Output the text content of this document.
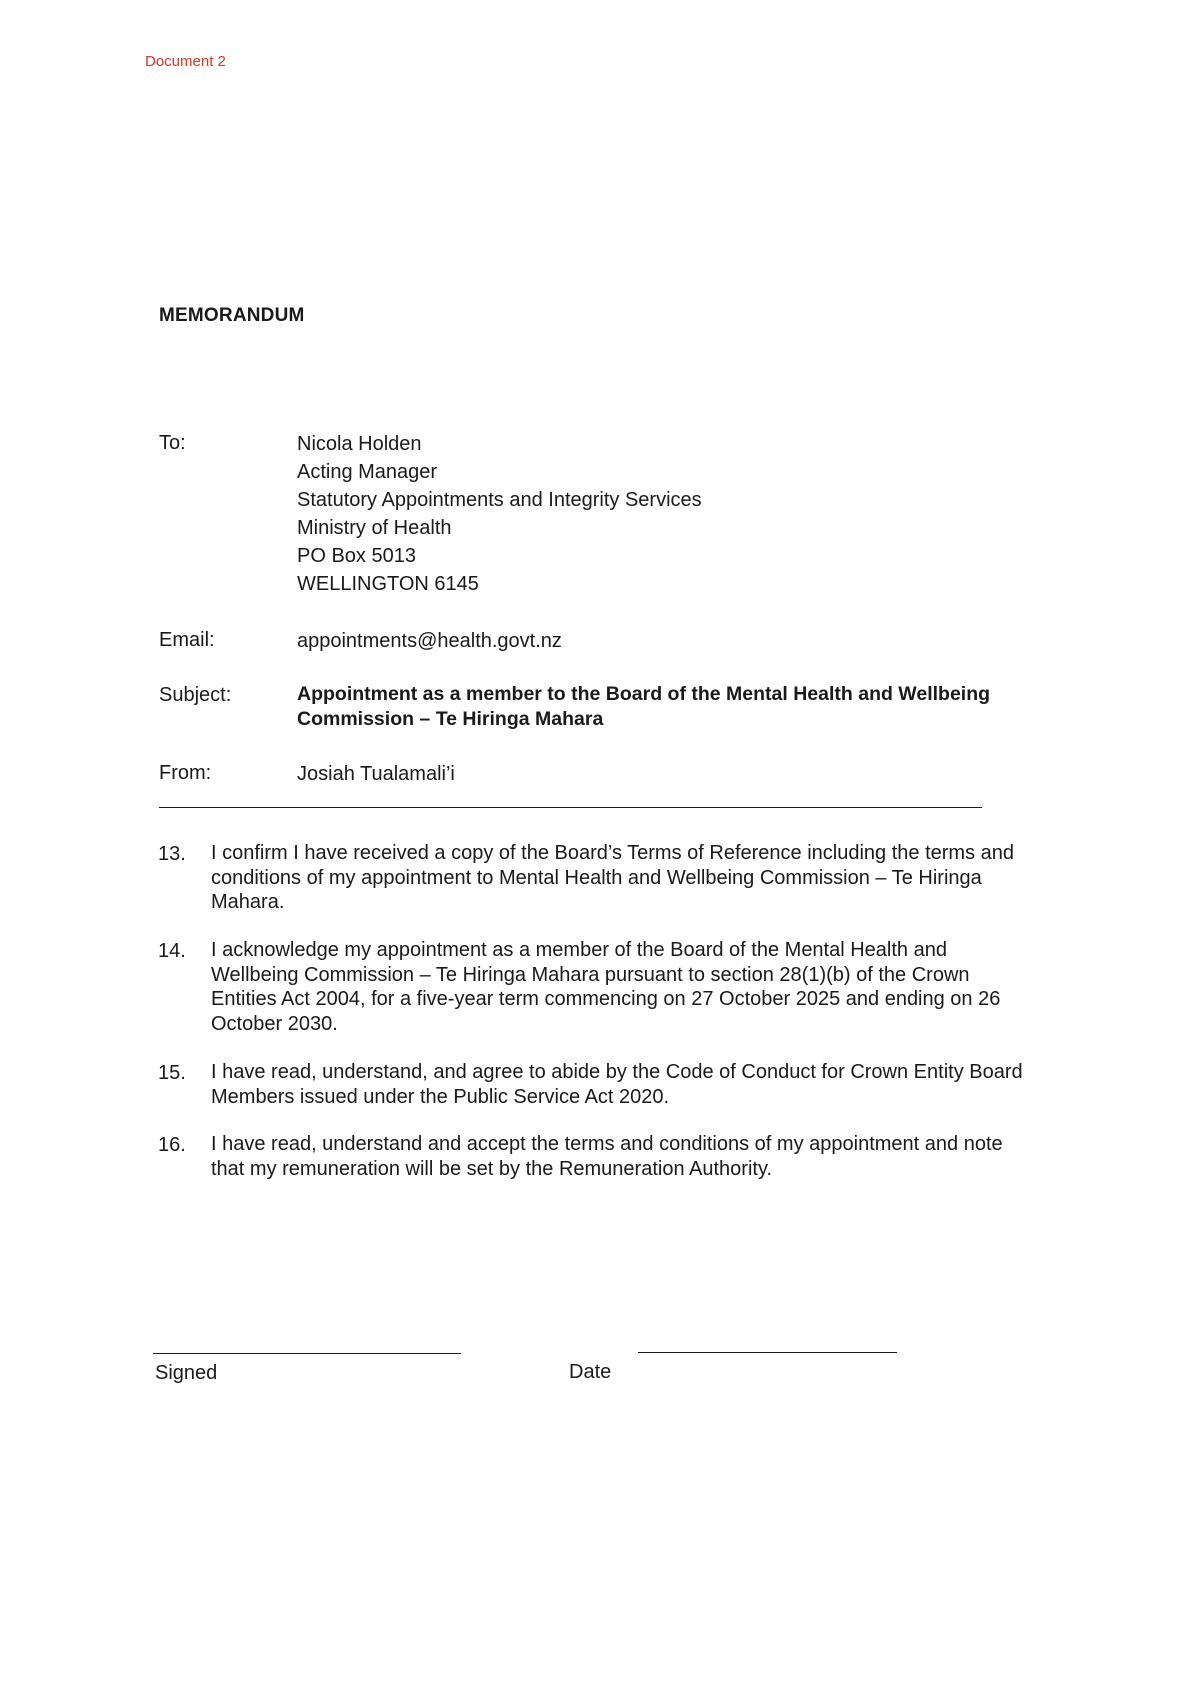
Document 2
MEMORANDUM
To:	Nicola Holden
Acting Manager
Statutory Appointments and Integrity Services
Ministry of Health
PO Box 5013
WELLINGTON 6145
Email:	appointments@health.govt.nz
Subject:	Appointment as a member to the Board of the Mental Health and Wellbeing Commission – Te Hiringa Mahara
From:	Josiah Tualamali’i
13. I confirm I have received a copy of the Board’s Terms of Reference including the terms and conditions of my appointment to Mental Health and Wellbeing Commission – Te Hiringa Mahara.
14. I acknowledge my appointment as a member of the Board of the Mental Health and Wellbeing Commission – Te Hiringa Mahara pursuant to section 28(1)(b) of the Crown Entities Act 2004, for a five-year term commencing on 27 October 2025 and ending on 26 October 2030.
15. I have read, understand, and agree to abide by the Code of Conduct for Crown Entity Board Members issued under the Public Service Act 2020.
16. I have read, understand and accept the terms and conditions of my appointment and note that my remuneration will be set by the Remuneration Authority.
Signed	Date
